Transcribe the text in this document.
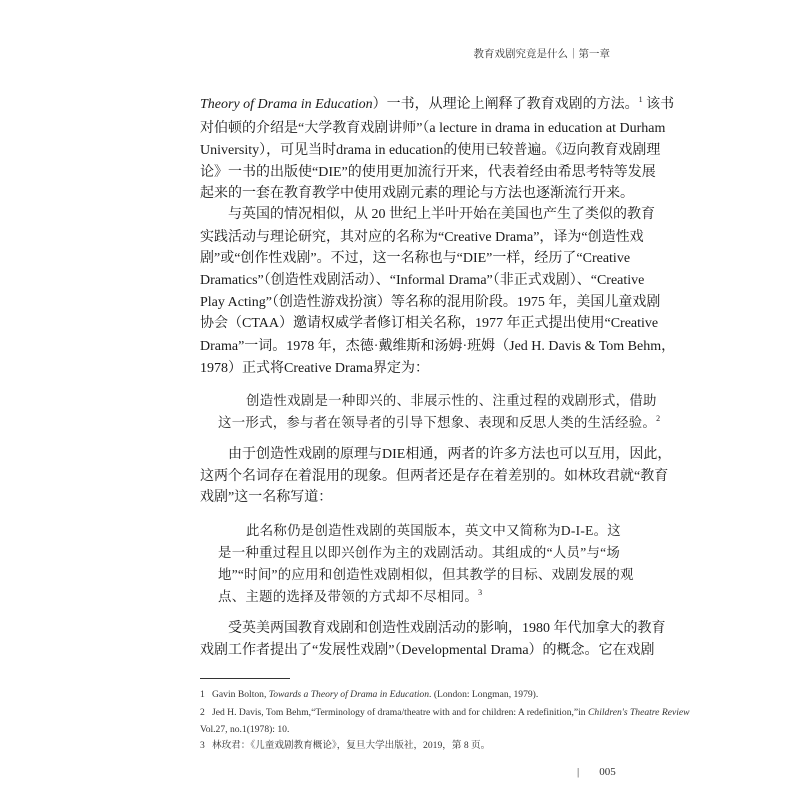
教育戏剧究竟是什么｜第一章
Theory of Drama in Education）一书，从理论上阐释了教育戏剧的方法。$^1$ 该书
对伯顿的介绍是“大学教育戏剧讲师”（a lecture in drama in education at Durham
University），可见当时drama in education的使用已较普遍。《迈向教育戏剧理
论》一书的出版使“DIE”的使用更加流行开来，代表着经由希思考特等发展
起来的一套在教育教学中使用戏剧元素的理论与方法也逐渐流行开来。
与英国的情况相似，从 20 世纪上半叶开始在美国也产生了类似的教育
实践活动与理论研究，其对应的名称为“Creative Drama”，译为“创造性戏
剧”或“创作性戏剧”。不过，这一名称也与“DIE”一样，经历了“Creative
Dramatics”（创造性戏剧活动）、“Informal Drama”（非正式戏剧）、“Creative
Play Acting”（创造性游戏扮演）等名称的混用阶段。1975 年，美国儿童戏剧
协会（CTAA）邀请权威学者修订相关名称，1977 年正式提出使用“Creative
Drama”一词。1978 年，杰德·戴维斯和汤姆·班姆（Jed H. Davis & Tom Behm，
1978）正式将Creative Drama界定为：
创造性戏剧是一种即兴的、非展示性的、注重过程的戏剧形式，借助
这一形式，参与者在领导者的引导下想象、表现和反思人类的生活经验。$^2$
由于创造性戏剧的原理与DIE相通，两者的许多方法也可以互用，因此，
这两个名词存在着混用的现象。但两者还是存在着差别的。如林玫君就“教育
戏剧”这一名称写道：
此名称仍是创造性戏剧的英国版本，英文中又简称为D-I-E。这
是一种重过程且以即兴创作为主的戏剧活动。其组成的“人员”与“场
地”“时间”的应用和创造性戏剧相似，但其教学的目标、戏剧发展的观
点、主题的选择及带领的方式却不尽相同。$^3$
受英美两国教育戏剧和创造性戏剧活动的影响，1980 年代加拿大的教育
戏剧工作者提出了“发展性戏剧”（Developmental Drama）的概念。它在戏剧
1 Gavin Bolton, Towards a Theory of Drama in Education. (London: Longman, 1979).
2 Jed H. Davis, Tom Behm,“Terminology of drama/theatre with and for children: A redefinition,”in Children's Theatre Review
Vol.27, no.1(1978): 10.
3 林玫君：《儿童戏剧教育概论》，复旦大学出版社，2019，第 8 页。
| 005
